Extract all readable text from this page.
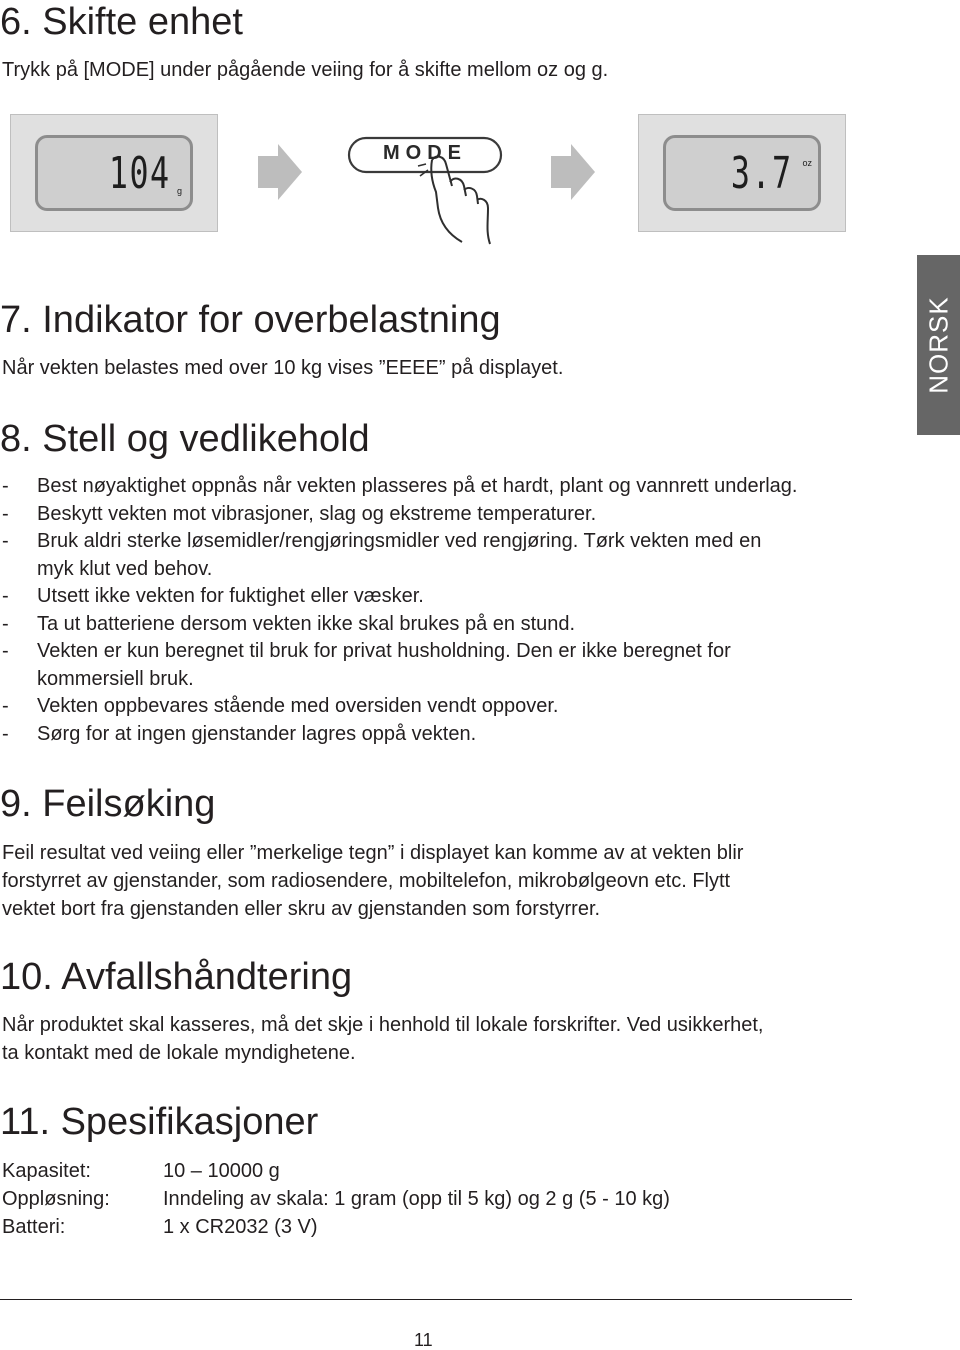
6. Skifte enhet
Trykk på [MODE] under pågående veiing for å skifte mellom oz og g.
104 g
MODE	3.7 oz
7. Indikator for overbelastning
Når vekten belastes med over 10 kg vises ”EEEE” på displayet.
8. Stell og vedlikehold
- Best nøyaktighet oppnås når vekten plasseres på et hardt, plant og vannrett underlag.
- Beskytt vekten mot vibrasjoner, slag og ekstreme temperaturer.
- Bruk aldri sterke løsemidler/rengjøringsmidler ved rengjøring. Tørk vekten med en
myk klut ved behov.
- Utsett ikke vekten for fuktighet eller væsker.
- Ta ut batteriene dersom vekten ikke skal brukes på en stund.
- Vekten er kun beregnet til bruk for privat husholdning. Den er ikke beregnet for
kommersiell bruk.
- Vekten oppbevares stående med oversiden vendt oppover.
- Sørg for at ingen gjenstander lagres oppå vekten.
9. Feilsøking
Feil resultat ved veiing eller ”merkelige tegn” i displayet kan komme av at vekten blir
forstyrret av gjenstander, som radiosendere, mobiltelefon, mikrobølgeovn etc. Flytt
vektet bort fra gjenstanden eller skru av gjenstanden som forstyrrer.
10. Avfallshåndtering
Når produktet skal kasseres, må det skje i henhold til lokale forskrifter. Ved usikkerhet,
ta kontakt med de lokale myndighetene.
11. Spesifikasjoner
Kapasitet:	10 – 10000 g
Oppløsning:	Inndeling av skala: 1 gram (opp til 5 kg) og 2 g (5 - 10 kg)
Batteri:	1 x CR2032 (3 V)
NORSK
11
